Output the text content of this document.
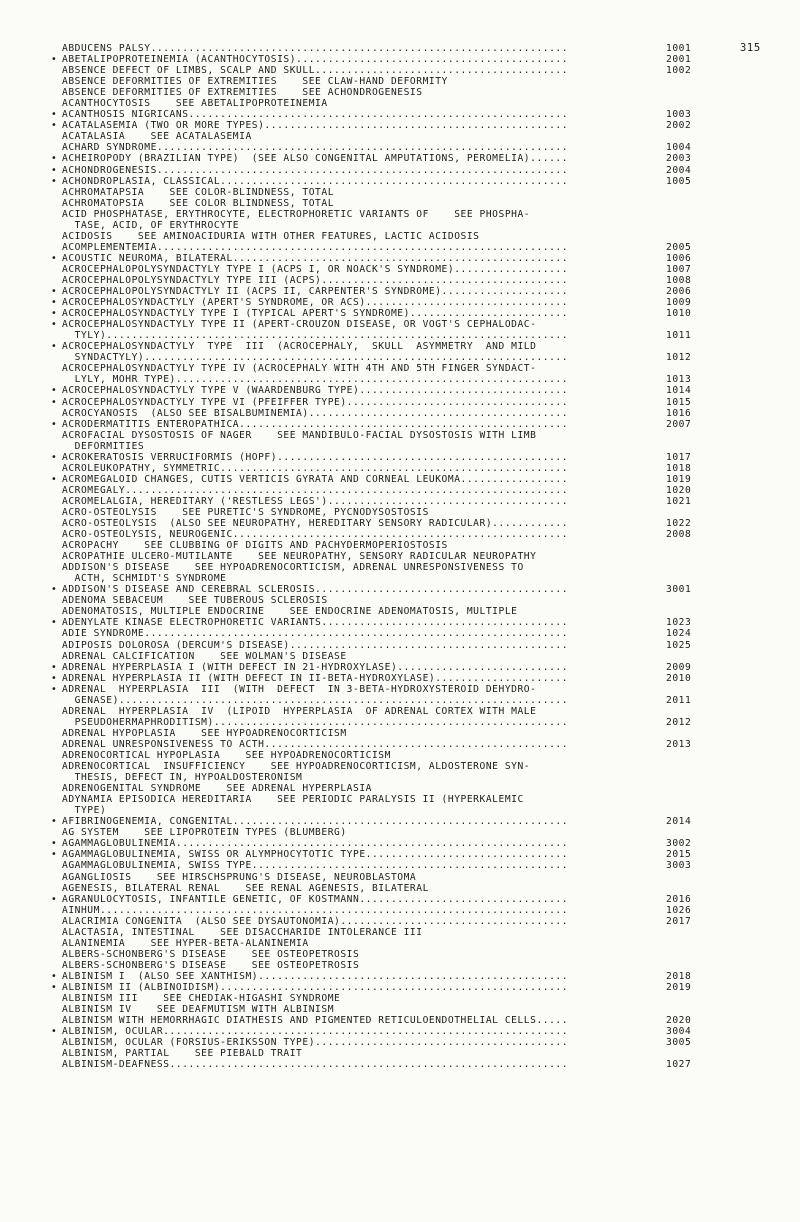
315
ABDUCENS PALSY..................................................................	1001
• ABETALIPOPROTEINEMIA (ACANTHOCYTOSIS)...........................................	2001
ABSENCE DEFECT OF LIMBS, SCALP AND SKULL........................................	1002
ABSENCE DEFORMITIES OF EXTREMITIES    SEE CLAW-HAND DEFORMITY
ABSENCE DEFORMITIES OF EXTREMITIES    SEE ACHONDROGENESIS
ACANTHOCYTOSIS    SEE ABETALIPOPROTEINEMIA
• ACANTHOSIS NIGRICANS............................................................	1003
• ACATALASEMIA (TWO OR MORE TYPES)................................................	2002
ACATALASIA    SEE ACATALASEMIA
ACHARD SYNDROME.................................................................	1004
• ACHEIROPODY (BRAZILIAN TYPE)  (SEE ALSO CONGENITAL AMPUTATIONS, PEROMELIA)......	2003
• ACHONDROGENESIS.................................................................	2004
• ACHONDROPLASIA, CLASSICAL.......................................................	1005
ACHROMATAPSIA    SEE COLOR-BLINDNESS, TOTAL
ACHROMATOPSIA    SEE COLOR BLINDNESS, TOTAL
ACID PHOSPHATASE, ERYTHROCYTE, ELECTROPHORETIC VARIANTS OF    SEE PHOSPHA-
TASE, ACID, OF ERYTHROCYTE
ACIDOSIS    SEE AMINOACIDURIA WITH OTHER FEATURES, LACTIC ACIDOSIS
ACOMPLEMENTEMIA.................................................................	2005
• ACOUSTIC NEUROMA, BILATERAL.....................................................	1006
ACROCEPHALOPOLYSYNDACTYLY TYPE I (ACPS I, OR NOACK'S SYNDROME)..................	1007
ACROCEPHALOPOLYSYNDACTYLY TYPE III (ACPS).......................................	1008
• ACROCEPHALOPOLYSYNDACTYLY II (ACPS II, CARPENTER'S SYNDROME)....................	2006
• ACROCEPHALOSYNDACTYLY (APERT'S SYNDROME, OR ACS)................................	1009
• ACROCEPHALOSYNDACTYLY TYPE I (TYPICAL APERT'S SYNDROME).........................	1010
• ACROCEPHALOSYNDACTYLY TYPE II (APERT-CROUZON DISEASE, OR VOGT'S CEPHALODAC-
TYLY).........................................................................	1011
• ACROCEPHALOSYNDACTYLY  TYPE  III  (ACROCEPHALY,  SKULL  ASYMMETRY  AND MILD
SYNDACTYLY)...................................................................	1012
ACROCEPHALOSYNDACTYLY TYPE IV (ACROCEPHALY WITH 4TH AND 5TH FINGER SYNDACT-
LYLY, MOHR TYPE)..............................................................	1013
• ACROCEPHALOSYNDACTYLY TYPE V (WAARDENBURG TYPE).................................	1014
• ACROCEPHALOSYNDACTYLY TYPE VI (PFEIFFER TYPE)...................................	1015
ACROCYANOSIS  (ALSO SEE BISALBUMINEMIA).........................................	1016
• ACRODERMATITIS ENTEROPATHICA....................................................	2007
ACROFACIAL DYSOSTOSIS OF NAGER    SEE MANDIBULO-FACIAL DYSOSTOSIS WITH LIMB
DEFORMITIES
• ACROKERATOSIS VERRUCIFORMIS (HOPF)..............................................	1017
ACROLEUKOPATHY, SYMMETRIC.......................................................	1018
• ACROMEGALOID CHANGES, CUTIS VERTICIS GYRATA AND CORNEAL LEUKOMA.................	1019
ACROMEGALY......................................................................	1020
ACROMELALGIA, HEREDITARY ('RESTLESS LEGS')......................................	1021
ACRO-OSTEOLYSIS    SEE PURETIC'S SYNDROME, PYCNODYSOSTOSIS
ACRO-OSTEOLYSIS  (ALSO SEE NEUROPATHY, HEREDITARY SENSORY RADICULAR)............	1022
ACRO-OSTEOLYSIS, NEUROGENIC.....................................................	2008
ACROPACHY    SEE CLUBBING OF DIGITS AND PACHYDERMOPERIOSTOSIS
ACROPATHIE ULCERO-MUTILANTE    SEE NEUROPATHY, SENSORY RADICULAR NEUROPATHY
ADDISON'S DISEASE    SEE HYPOADRENOCORTICISM, ADRENAL UNRESPONSIVENESS TO
ACTH, SCHMIDT'S SYNDROME
• ADDISON'S DISEASE AND CEREBRAL SCLEROSIS........................................	3001
ADENOMA SEBACEUM    SEE TUBEROUS SCLEROSIS
ADENOMATOSIS, MULTIPLE ENDOCRINE    SEE ENDOCRINE ADENOMATOSIS, MULTIPLE
• ADENYLATE KINASE ELECTROPHORETIC VARIANTS.......................................	1023
ADIE SYNDROME...................................................................	1024
ADIPOSIS DOLOROSA (DERCUM'S DISEASE)............................................	1025
ADRENAL CALCIFICATION    SEE WOLMAN'S DISEASE
• ADRENAL HYPERPLASIA I (WITH DEFECT IN 21-HYDROXYLASE)...........................	2009
• ADRENAL HYPERPLASIA II (WITH DEFECT IN II-BETA-HYDROXYLASE).....................	2010
• ADRENAL  HYPERPLASIA  III  (WITH  DEFECT  IN 3-BETA-HYDROXYSTEROID DEHYDRO-
GENASE).......................................................................	2011
ADRENAL  HYPERPLASIA  IV  (LIPOID  HYPERPLASIA  OF ADRENAL CORTEX WITH MALE
PSEUDOHERMAPHRODITISM)........................................................	2012
ADRENAL HYPOPLASIA    SEE HYPOADRENOCORTICISM
ADRENAL UNRESPONSIVENESS TO ACTH................................................	2013
ADRENOCORTICAL HYPOPLASIA    SEE HYPOADRENOCORTICISM
ADRENOCORTICAL  INSUFFICIENCY    SEE HYPOADRENOCORTICISM, ALDOSTERONE SYN-
THESIS, DEFECT IN, HYPOALDOSTERONISM
ADRENOGENITAL SYNDROME    SEE ADRENAL HYPERPLASIA
ADYNAMIA EPISODICA HEREDITARIA    SEE PERIODIC PARALYSIS II (HYPERKALEMIC
TYPE)
• AFIBRINOGENEMIA, CONGENITAL.....................................................	2014
AG SYSTEM    SEE LIPOPROTEIN TYPES (BLUMBERG)
• AGAMMAGLOBULINEMIA..............................................................	3002
• AGAMMAGLOBULINEMIA, SWISS OR ALYMPHOCYTOTIC TYPE................................	2015
AGAMMAGLOBULINEMIA, SWISS TYPE..................................................	3003
AGANGLIOSIS    SEE HIRSCHSPRUNG'S DISEASE, NEUROBLASTOMA
AGENESIS, BILATERAL RENAL    SEE RENAL AGENESIS, BILATERAL
• AGRANULOCYTOSIS, INFANTILE GENETIC, OF KOSTMANN.................................	2016
AINHUM..........................................................................	1026
ALACRIMIA CONGENITA  (ALSO SEE DYSAUTONOMIA)....................................	2017
ALACTASIA, INTESTINAL    SEE DISACCHARIDE INTOLERANCE III
ALANINEMIA    SEE HYPER-BETA-ALANINEMIA
ALBERS-SCHONBERG'S DISEASE    SEE OSTEOPETROSIS
ALBERS-SCHONBERG'S DISEASE    SEE OSTEOPETROSIS
• ALBINISM I  (ALSO SEE XANTHISM).................................................	2018
• ALBINISM II (ALBINOIDISM).......................................................	2019
ALBINISM III    SEE CHEDIAK-HIGASHI SYNDROME
ALBINISM IV    SEE DEAFMUTISM WITH ALBINISM
ALBINISM WITH HEMORRHAGIC DIATHESIS AND PIGMENTED RETICULOENDOTHELIAL CELLS.....	2020
• ALBINISM, OCULAR................................................................	3004
ALBINISM, OCULAR (FORSIUS-ERIKSSON TYPE)........................................	3005
ALBINISM, PARTIAL    SEE PIEBALD TRAIT
ALBINISM-DEAFNESS...............................................................	1027
